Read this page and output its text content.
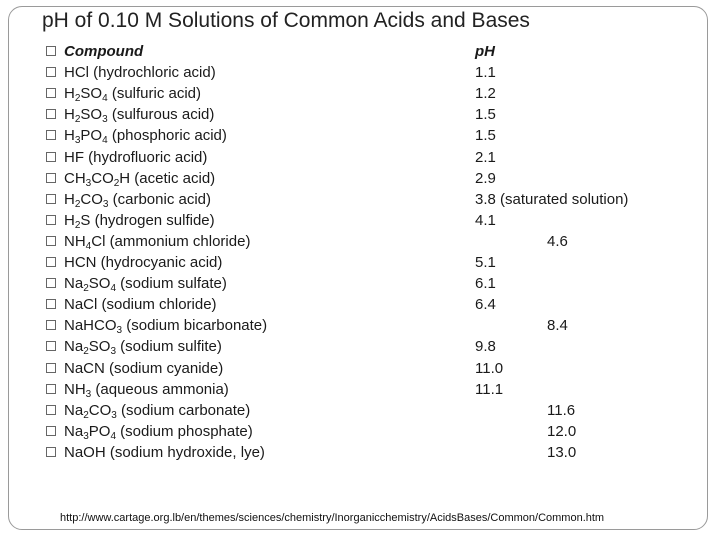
pH of 0.10 M Solutions of Common Acids and Bases
Compound	pH
HCl (hydrochloric acid)	1.1
$H_2SO_4$ (sulfuric acid)	1.2
$H_2SO_3$ (sulfurous acid)	1.5
$H_3PO_4$ (phosphoric acid)	1.5
HF (hydrofluoric acid)	2.1
$CH_3CO_2H$ (acetic acid)	2.9
$H_2CO_3$ (carbonic acid)	3.8 (saturated solution)
$H_2S$ (hydrogen sulfide)	4.1
$NH_4Cl$ (ammonium chloride)	4.6
HCN (hydrocyanic acid)	5.1
$Na_2SO_4$ (sodium sulfate)	6.1
NaCl (sodium chloride)	6.4
NaHCO$_3$ (sodium bicarbonate)	8.4
$Na_2SO_3$ (sodium sulfite)	9.8
NaCN (sodium cyanide)	11.0
$NH_3$ (aqueous ammonia)	11.1
$Na_2CO_3$ (sodium carbonate)	11.6
$Na_3PO_4$ (sodium phosphate)	12.0
NaOH (sodium hydroxide, lye)	13.0
http://www.cartage.org.lb/en/themes/sciences/chemistry/Inorganicchemistry/AcidsBases/Common/Common.htm
